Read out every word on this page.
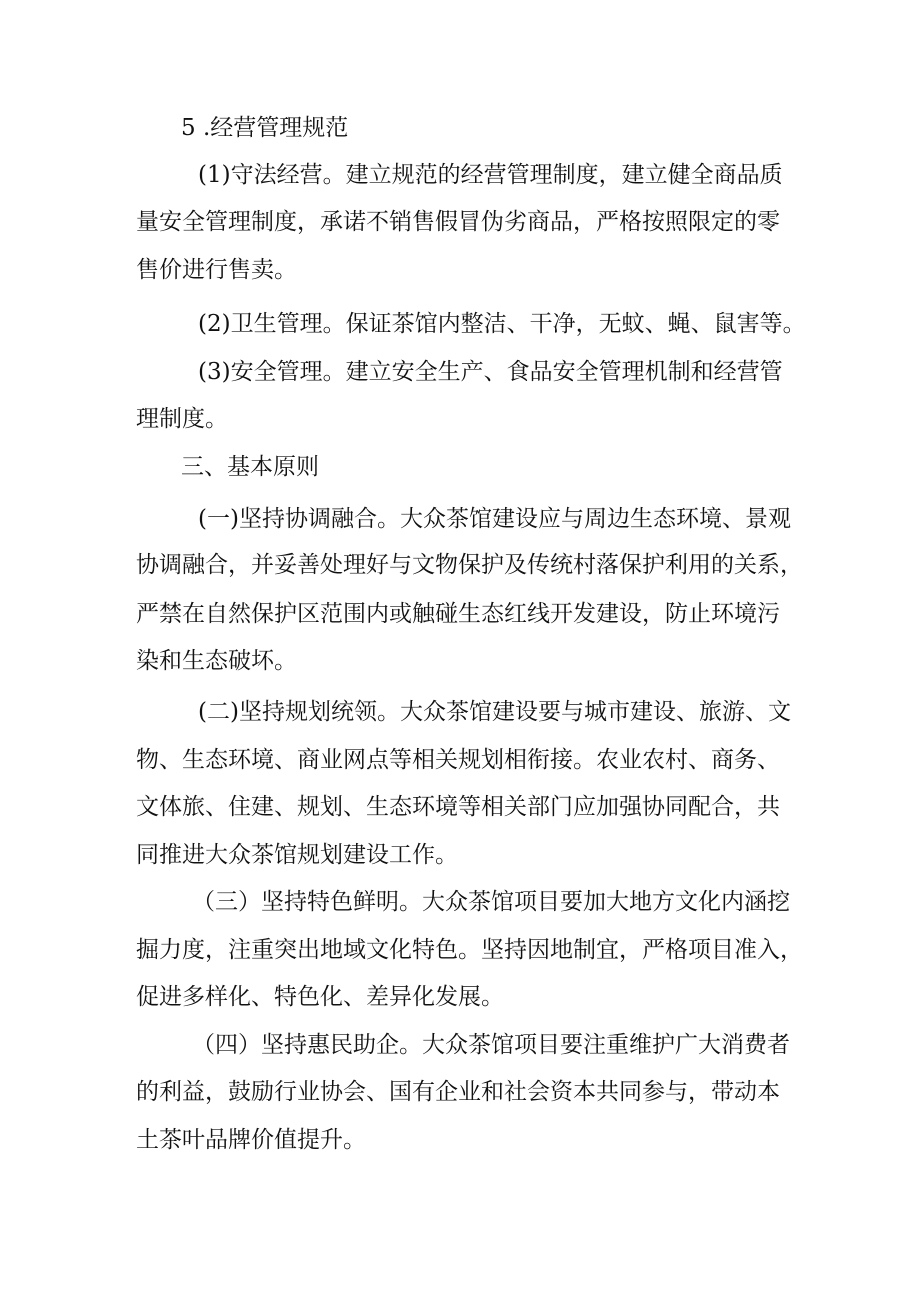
5 .经营管理规范

(1)守法经营。建立规范的经营管理制度，建立健全商品质

量安全管理制度，承诺不销售假冒伪劣商品，严格按照限定的零

售价进行售卖。

(2)卫生管理。保证茶馆内整洁、干净，无蚊、蝇、鼠害等。

(3)安全管理。建立安全生产、食品安全管理机制和经营管

理制度。

三、基本原则

(一)坚持协调融合。大众茶馆建设应与周边生态环境、景观

协调融合，并妥善处理好与文物保护及传统村落保护利用的关系，

严禁在自然保护区范围内或触碰生态红线开发建设，防止环境污

染和生态破坏。

(二)坚持规划统领。大众茶馆建设要与城市建设、旅游、文

物、生态环境、商业网点等相关规划相衔接。农业农村、商务、

文体旅、住建、规划、生态环境等相关部门应加强协同配合，共

同推进大众茶馆规划建设工作。

（三）坚持特色鲜明。大众茶馆项目要加大地方文化内涵挖

掘力度，注重突出地域文化特色。坚持因地制宜，严格项目准入，

促进多样化、特色化、差异化发展。

（四）坚持惠民助企。大众茶馆项目要注重维护广大消费者

的利益，鼓励行业协会、国有企业和社会资本共同参与，带动本

土茶叶品牌价值提升。
